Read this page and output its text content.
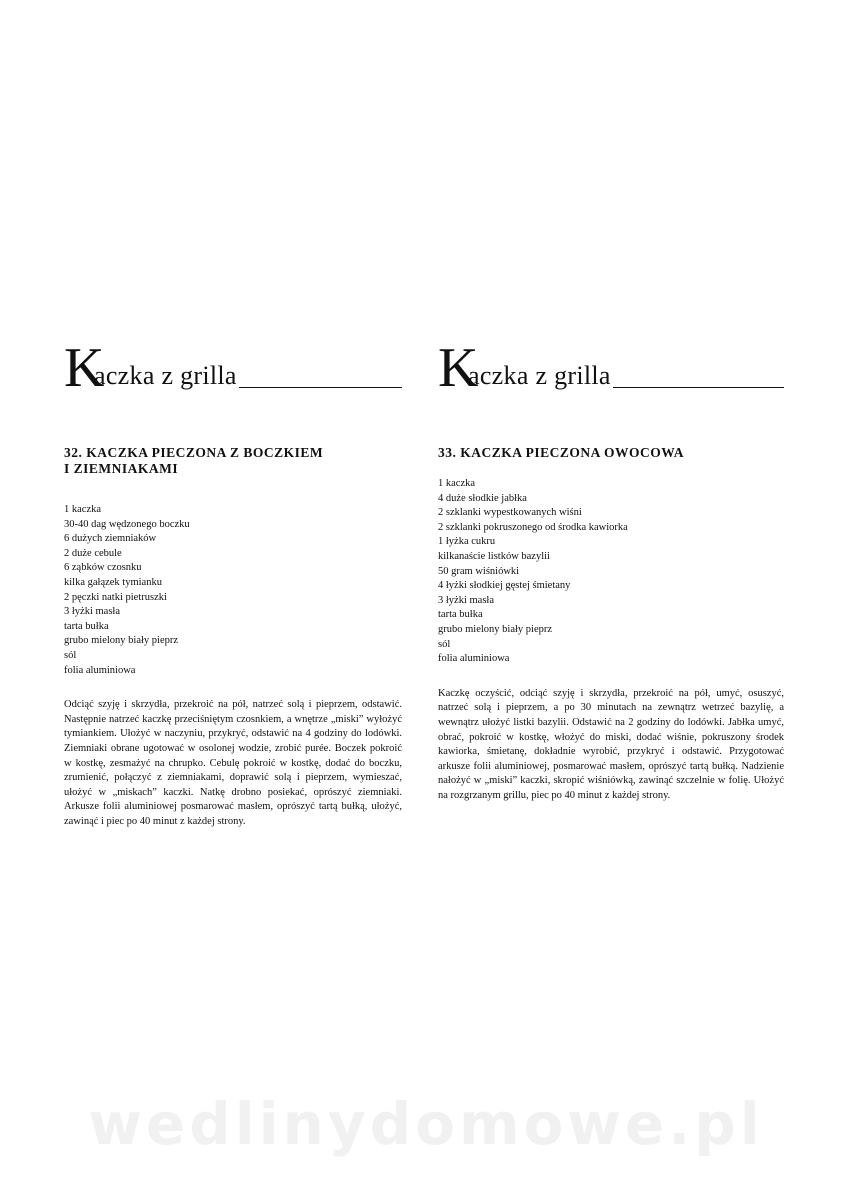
K
aczka z grilla
32. KACZKA PIECZONA Z BOCZKIEM
I ZIEMNIAKAMI
1 kaczka
30-40 dag wędzonego boczku
6 dużych ziemniaków
2 duże cebule
6 ząbków czosnku
kilka gałązek tymianku
2 pęczki natki pietruszki
3 łyżki masła
tarta bułka
grubo mielony biały pieprz
sól
folia aluminiowa

Odciąć szyję i skrzydła, przekroić na pół, natrzeć solą i pieprzem, odstawić. Następnie natrzeć kaczkę przeciśniętym czosnkiem, a wnętrze „miski” wyłożyć tymiankiem. Ułożyć w naczyniu, przykryć, odstawić na 4 godziny do lodówki. Ziemniaki obrane ugotować w osolonej wodzie, zrobić purée. Boczek pokroić w kostkę, zesmażyć na chrupko. Cebulę pokroić w kostkę, dodać do boczku, zrumienić, połączyć z ziemniakami, doprawić solą i pieprzem, wymieszać, ułożyć w „miskach” kaczki. Natkę drobno posiekać, oprószyć ziemniaki. Arkusze folii aluminiowej posmarować masłem, oprószyć tartą bułką, ułożyć, zawinąć i piec po 40 minut z każdej strony.

K
aczka z grilla
33. KACZKA PIECZONA OWOCOWA
1 kaczka
4 duże słodkie jabłka
2 szklanki wypestkowanych wiśni
2 szklanki pokruszonego od środka kawiorka
1 łyżka cukru
kilkanaście listków bazylii
50 gram wiśniówki
4 łyżki słodkiej gęstej śmietany
3 łyżki masła
tarta bułka
grubo mielony biały pieprz
sól
folia aluminiowa

Kaczkę oczyścić, odciąć szyję i skrzydła, przekroić na pół, umyć, osuszyć, natrzeć solą i pieprzem, a po 30 minutach na zewnątrz wetrzeć bazylię, a wewnątrz ułożyć listki bazylii. Odstawić na 2 godziny do lodówki. Jabłka umyć, obrać, pokroić w kostkę, włożyć do miski, dodać wiśnie, pokruszony środek kawiorka, śmietanę, dokładnie wyrobić, przykryć i odstawić. Przygotować arkusze folii aluminiowej, posmarować masłem, oprószyć tartą bułką. Nadzienie nałożyć w „miski” kaczki, skropić wiśniówką, zawinąć szczelnie w folię. Ułożyć na rozgrzanym grillu, piec po 40 minut z każdej strony.

wedlinydomowe.pl
